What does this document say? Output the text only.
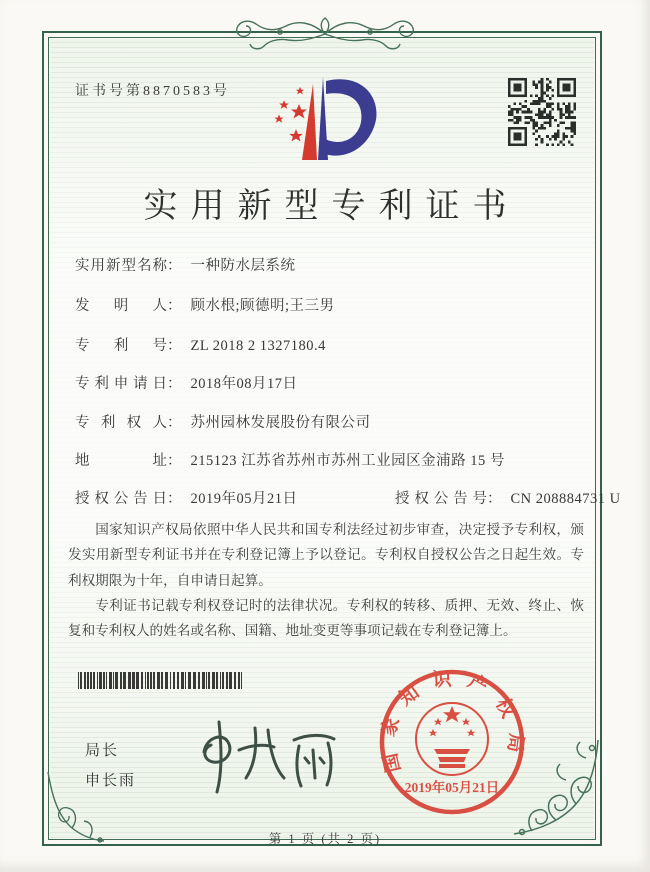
证书号第8870583号
实用新型专利证书
实用新型名称： 一种防水层系统
发明人： 顾水根;顾德明;王三男
专利号： ZL 2018 2 1327180.4
专利申请日： 2018年08月17日
专利权人： 苏州园林发展股份有限公司
地址： 215123 江苏省苏州市苏州工业园区金浦路 15 号
授权公告日： 2019年05月21日	授权公告号： CN 208884731 U

国家知识产权局依照中华人民共和国专利法经过初步审查，决定授予专利权，颁发实用新型专利证书并在专利登记簿上予以登记。专利权自授权公告之日起生效。专利权期限为十年，自申请日起算。

专利证书记载专利权登记时的法律状况。专利权的转移、质押、无效、终止、恢复和专利权人的姓名或名称、国籍、地址变更等事项记载在专利登记簿上。

局长
申长雨
国家知识产权局
2019年05月21日
第 1 页 (共 2 页)
